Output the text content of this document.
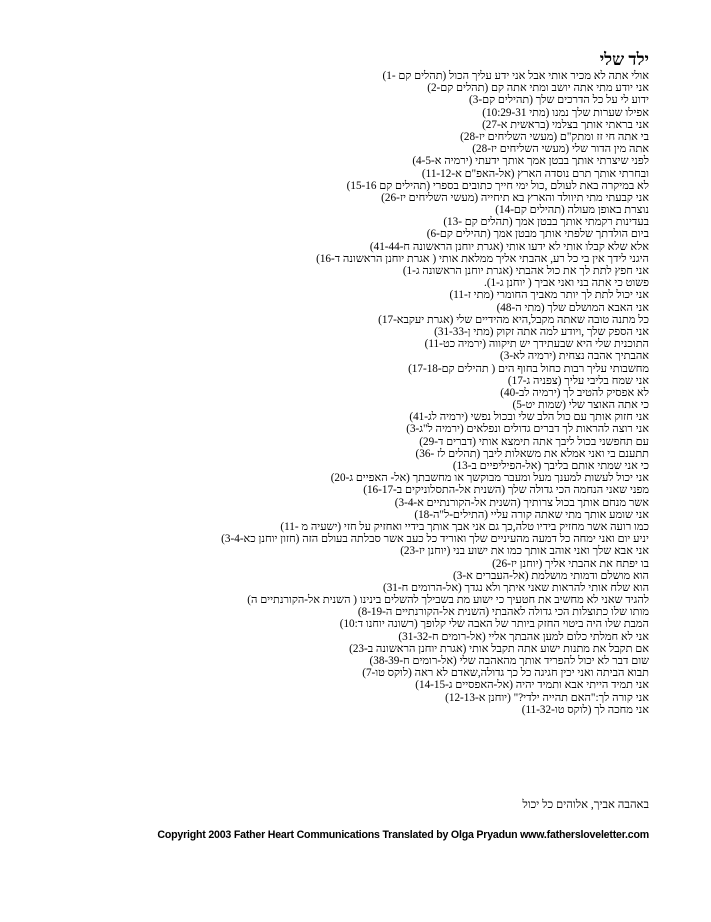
ילד שלי
אולי אתה לא מכיר אותי אבל אני ידע עליך הכול (תהלים קם -1)
אני יודע מתי אתה יושב ומתי אתה קם (תהלים קם-2)
ידוע לי על כל הדרכים שלך (תהילים קם-3)
אפילו שערות שלך נמנו (מתי 10:29-31)
אני בראתי אותך בצלמי (בראשית א-27)
בי אתה חי זז ומתק"ם (מעשי השליחים יז-28)
אתה מין הדור שלי (מעשי השליחים יז-28)
לפני שיצרתי אותך בבטן אמך אותך ידעתי (ירמיה א-4-5)
ובחרתי אותך תרם נוסדה הארץ (אל-האפ"ם א-11-12)
לא במיקרה באת לעולם ,כול ימי חייך כתובים בספרי (תהילים קם 15-16)
אני קבעתי מתי תיוולד והארץ בא תיחייה (מעשי השליחים יז-26)
נוצרת באופן מעולה (תהילים קם-14)
בעדינות רקמתי אותך בבטן אמך (תהלים קם -13)
ביום הולדתך שלפתי אותך מבטן אמך (תהילים קם-6)
אלא שלא קבלו אותי לא ידעו אותי (אגרת יוחנן הראשונה ח-41-44)
היגני לידך אין בי כל רע, אהבתי אליך ממלאת אותי ( אגרת יוחנן הראשונה ד-16)
אני חפץ לתת לך את כול אהבתי (אגרת יוחנן הראשונה ג-1)
פשוט כי אתה בני ואני אביך ( יוחנן ג-1).
אני יכול לתת לך יותר מאביך החומרי (מתי ז-11)
אני האבא המושלם שלך (מתי ה-48)
כל מתנה טובה שאתה מקבל,היא מהידיים שלי (אגרת יעקבא-17)
אני הספק שלך ,ויודע למה אתה זקוק (מתי ן-31-33)
התוכנית שלי היא שבעתידך יש תיקווה (ירמיה כט-11)
אהבתיך אהבה נצחית (ירמיה לא-3)
מחשבותי עליך רבות כחול בחוף הים ( תהילים קם-17-18)
אני שמח בליבי עליך (צפניה ג-17)
לא אפסיק להטיב לך (ירמיה לב-40)
כי אתה האוצר שלי (שמות יט-5)
אני חזוק אותך עם כול הלב שלי ובכול נפשי (ירמיה לג-41)
אני רוצה להראות לך דברים גדולים ונפלאים (ירמיה ל"ג-3)
עם תחפשני בכול ליבך אתה תימצא אותי (דברים ד-29)
תתענם בי ואני אמלא את משאלות ליבך (תהלים לז -36)
כי אני שמתי אותם בליבך (אל-הפיליפיים ב-13)
אני יכול לעשות למענך מעל ומעבר מבוקשך או מחשבתך (אל- האפיים ג-20)
מפני שאני הנחמה הכי גדולה שלך (השנית אל-התסלוניקים ב-16-17)
אשר מנחם אותך בכול צרותיך (השנית אל-הקורנתיים א-3-4)
אני שומע אותך מתי שאתה קורה עליי (התילים-ל"ה-18)
כמו רועה אשר מחזיק בידיו טלה,כך גם אני אבך אותך בידיי ואחזיק על חזי (ישעיה מ -11)
יניע יום ואני ימחה כל דמעה מהעיניים שלך ואוריד כל כעב אשר סבלתה בעולם הזה (חזון יוחנן כא-3-4)
אני אבא שלך ואני אוהב אותך כמו את ישוע בני (יוחנן יז-23)
בו יפתח את אהבתי אליך (יוחנן יז-26)
הוא מושלם ודמותי מושלמת (אל-העברים א-3)
הוא שלח אותי להראות שאני איתך ולא נגדך (אל-הרומים ח-31)
להגיד שאני לא מחשיב את חטעיך כי ישוע מת בשבילך להשלים בינינו ( השנית אל-הקורנתיים ה)
מותו שלו כתוצלות הכי גדולה לאהבתי (השנית אל-הקורנתיים ה-8-19)
המבת שלו היה ביטוי החזק ביותר של האבה שלי קלופך (רשונה יוחנו ד:10)
אני לא חמלתי כלום למען אהבתך אליי (אל-רומים ח-31-32)
אם תקבל את מתנות ישוע אתה תקבל אותי (אגרת יוחנן הראשונה ב-23)
שום דבר לא יכול להפריד אותך מהאהבה שלי (אל-רומים ח-38-39)
תבוא הביתה ואני יכין חגיגה כל כך גדולה,שאדם לא ראה (לוקס טו-7)
אני תמיד הייתי אבא ותמיד יהיה (אל-האפסיים ג-14-15)
אני קורה לך:"האם תהייה ילדי?" (יוחנן א-12-13)
אני מחכה לך (לוקס טו-11-32)
באהבה אביך, אלוהים כל יכול
Copyright 2003 Father Heart Communications Translated by Olga Pryadun www.fathersloveletter.com
